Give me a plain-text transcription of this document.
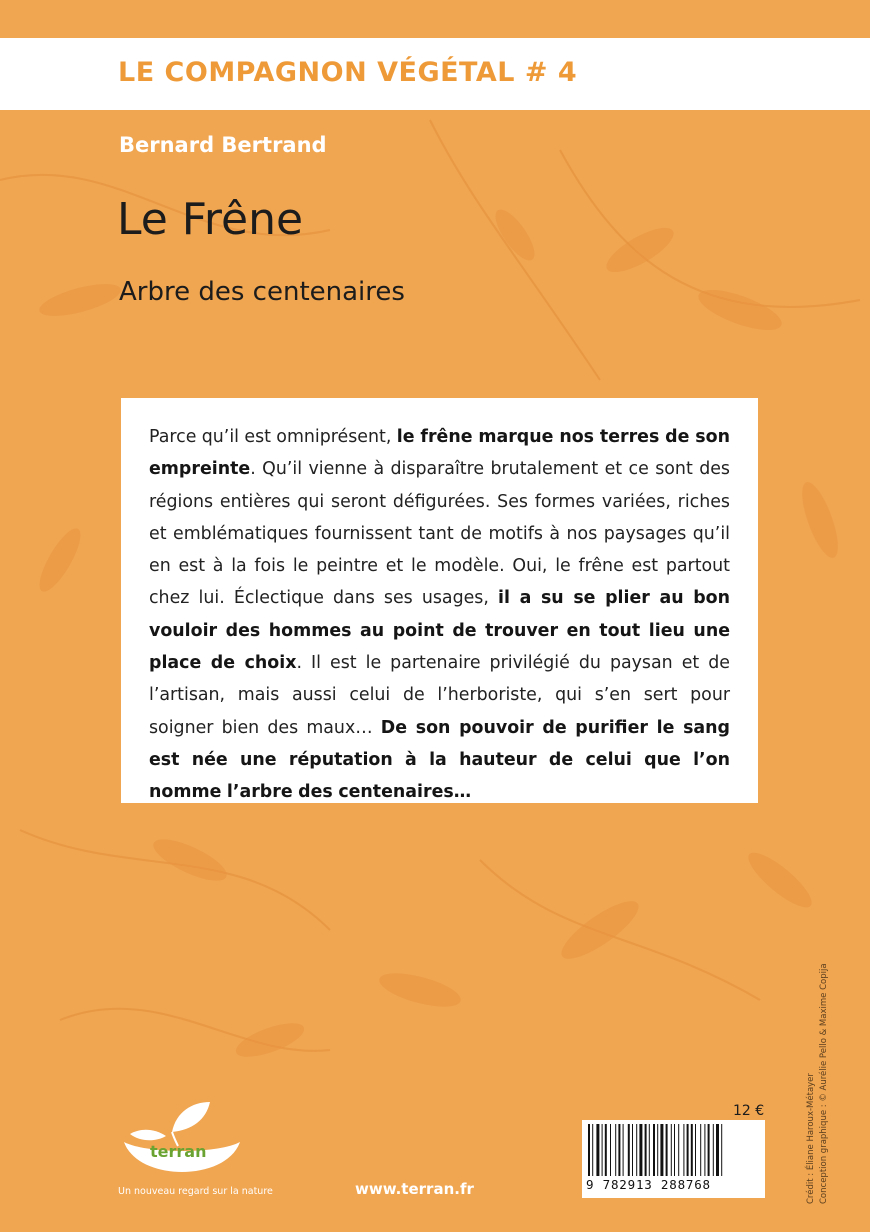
LE COMPAGNON VÉGÉTAL # 4
Bernard Bertrand
Le Frêne
Arbre des centenaires

Parce qu’il est omniprésent, le frêne marque nos terres de son empreinte. Qu’il vienne à disparaître brutalement et ce sont des régions entières qui seront défigurées. Ses formes variées, riches et emblématiques fournissent tant de motifs à nos paysages qu’il en est à la fois le peintre et le modèle. Oui, le frêne est partout chez lui. Éclectique dans ses usages, il a su se plier au bon vouloir des hommes au point de trouver en tout lieu une place de choix. Il est le partenaire privilégié du paysan et de l’artisan, mais aussi celui de l’herboriste, qui s’en sert pour soigner bien des maux… De son pouvoir de purifier le sang est née une réputation à la hauteur de celui que l’on nomme l’arbre des centenaires…

terran
Un nouveau regard sur la nature	www.terran.fr
12 €
9 782913 288768	Crédit : Éliane Haroux-Métayer Conception graphique : © Aurélie Pello & Maxime Copija
